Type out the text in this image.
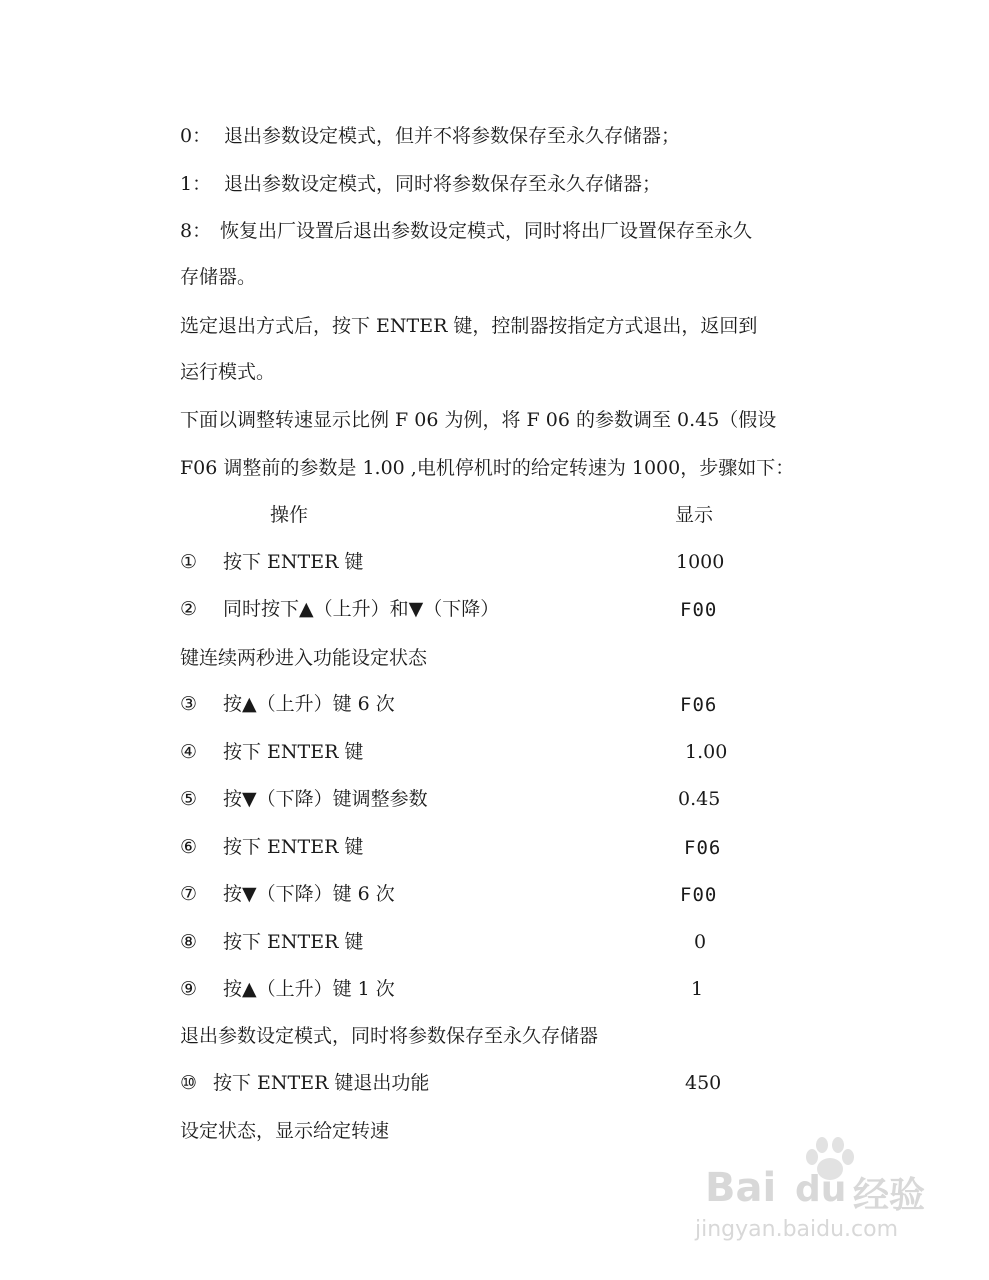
0： 退出参数设定模式，但并不将参数保存至永久存储器；
1： 退出参数设定模式，同时将参数保存至永久存储器；
8： 恢复出厂设置后退出参数设定模式，同时将出厂设置保存至永久
存储器。
选定退出方式后，按下 ENTER 键，控制器按指定方式退出，返回到
运行模式。
下面以调整转速显示比例 F 06 为例，将 F 06 的参数调至 0.45（假设
F06 调整前的参数是 1.00 ,电机停机时的给定转速为 1000，步骤如下：
操作	显示
① 按下 ENTER 键	1000
② 同时按下▲（上升）和▼（下降）	F00
键连续两秒进入功能设定状态
③ 按▲（上升）键 6 次	F06
④ 按下 ENTER 键	1.00
⑤ 按▼（下降）键调整参数	0.45
⑥ 按下 ENTER 键	F06
⑦ 按▼（下降）键 6 次	F00
⑧ 按下 ENTER 键	0
⑨ 按▲（上升）键 1 次	1
退出参数设定模式，同时将参数保存至永久存储器
⑩ 按下 ENTER 键退出功能	450
设定状态，显示给定转速
Bai du 经验
jingyan.baidu.com
